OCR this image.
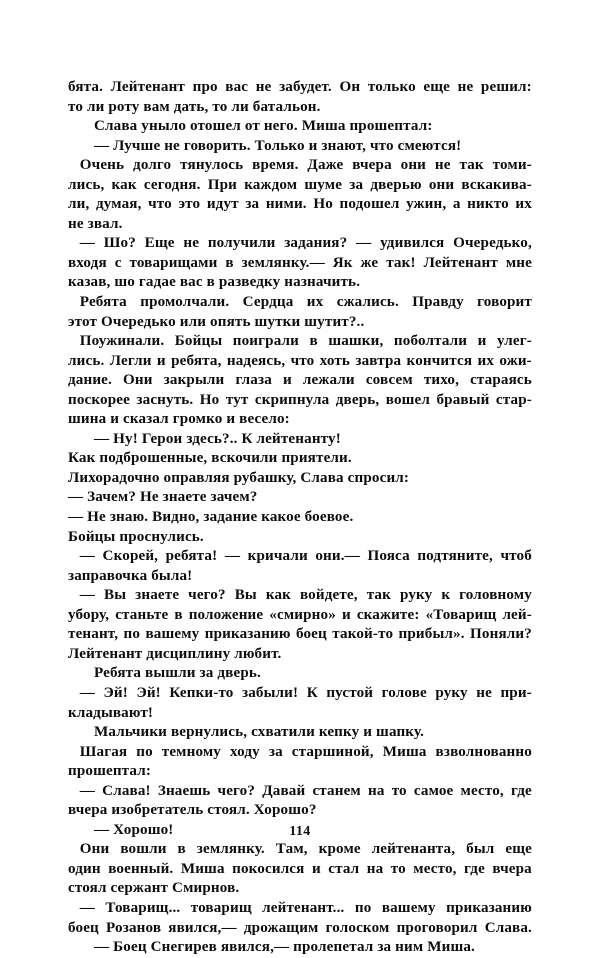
бята. Лейтенант про вас не забудет. Он только еще не решил:
то ли роту вам дать, то ли батальон.
Слава уныло отошел от него. Миша прошептал:
— Лучше не говорить. Только и знают, что смеются!
Очень долго тянулось время. Даже вчера они не так томи-
лись, как сегодня. При каждом шуме за дверью они вскакива-
ли, думая, что это идут за ними. Но подошел ужин, а никто их
не звал.
— Шо? Еще не получили задания? — удивился Очередько,
входя с товарищами в землянку.— Як же так! Лейтенант мне
казав, шо гадае вас в разведку назначить.
Ребята промолчали. Сердца их сжались. Правду говорит
этот Очередько или опять шутки шутит?..
Поужинали. Бойцы поиграли в шашки, поболтали и улег-
лись. Легли и ребята, надеясь, что хоть завтра кончится их ожи-
дание. Они закрыли глаза и лежали совсем тихо, стараясь
поскорее заснуть. Но тут скрипнула дверь, вошел бравый стар-
шина и сказал громко и весело:
— Ну! Герои здесь?.. К лейтенанту!
Как подброшенные, вскочили приятели.
Лихорадочно оправляя рубашку, Слава спросил:
— Зачем? Не знаете зачем?
— Не знаю. Видно, задание какое боевое.
Бойцы проснулись.
— Скорей, ребята! — кричали они.— Пояса подтяните, чтоб
заправочка была!
— Вы знаете чего? Вы как войдете, так руку к головному
убору, станьте в положение «смирно» и скажите: «Товарищ лей-
тенант, по вашему приказанию боец такой-то прибыл». Поняли?
Лейтенант дисциплину любит.
Ребята вышли за дверь.
— Эй! Эй! Кепки-то забыли! К пустой голове руку не при-
кладывают!
Мальчики вернулись, схватили кепку и шапку.
Шагая по темному ходу за старшиной, Миша взволнованно
прошептал:
— Слава! Знаешь чего? Давай станем на то самое место, где
вчера изобретатель стоял. Хорошо?
— Хорошо!
Они вошли в землянку. Там, кроме лейтенанта, был еще
один военный. Миша покосился и стал на то место, где вчера
стоял сержант Смирнов.
— Товарищ... товарищ лейтенант... по вашему приказанию
боец Розанов явился,— дрожащим голоском проговорил Слава.
— Боец Снегирев явился,— пролепетал за ним Миша.
114
